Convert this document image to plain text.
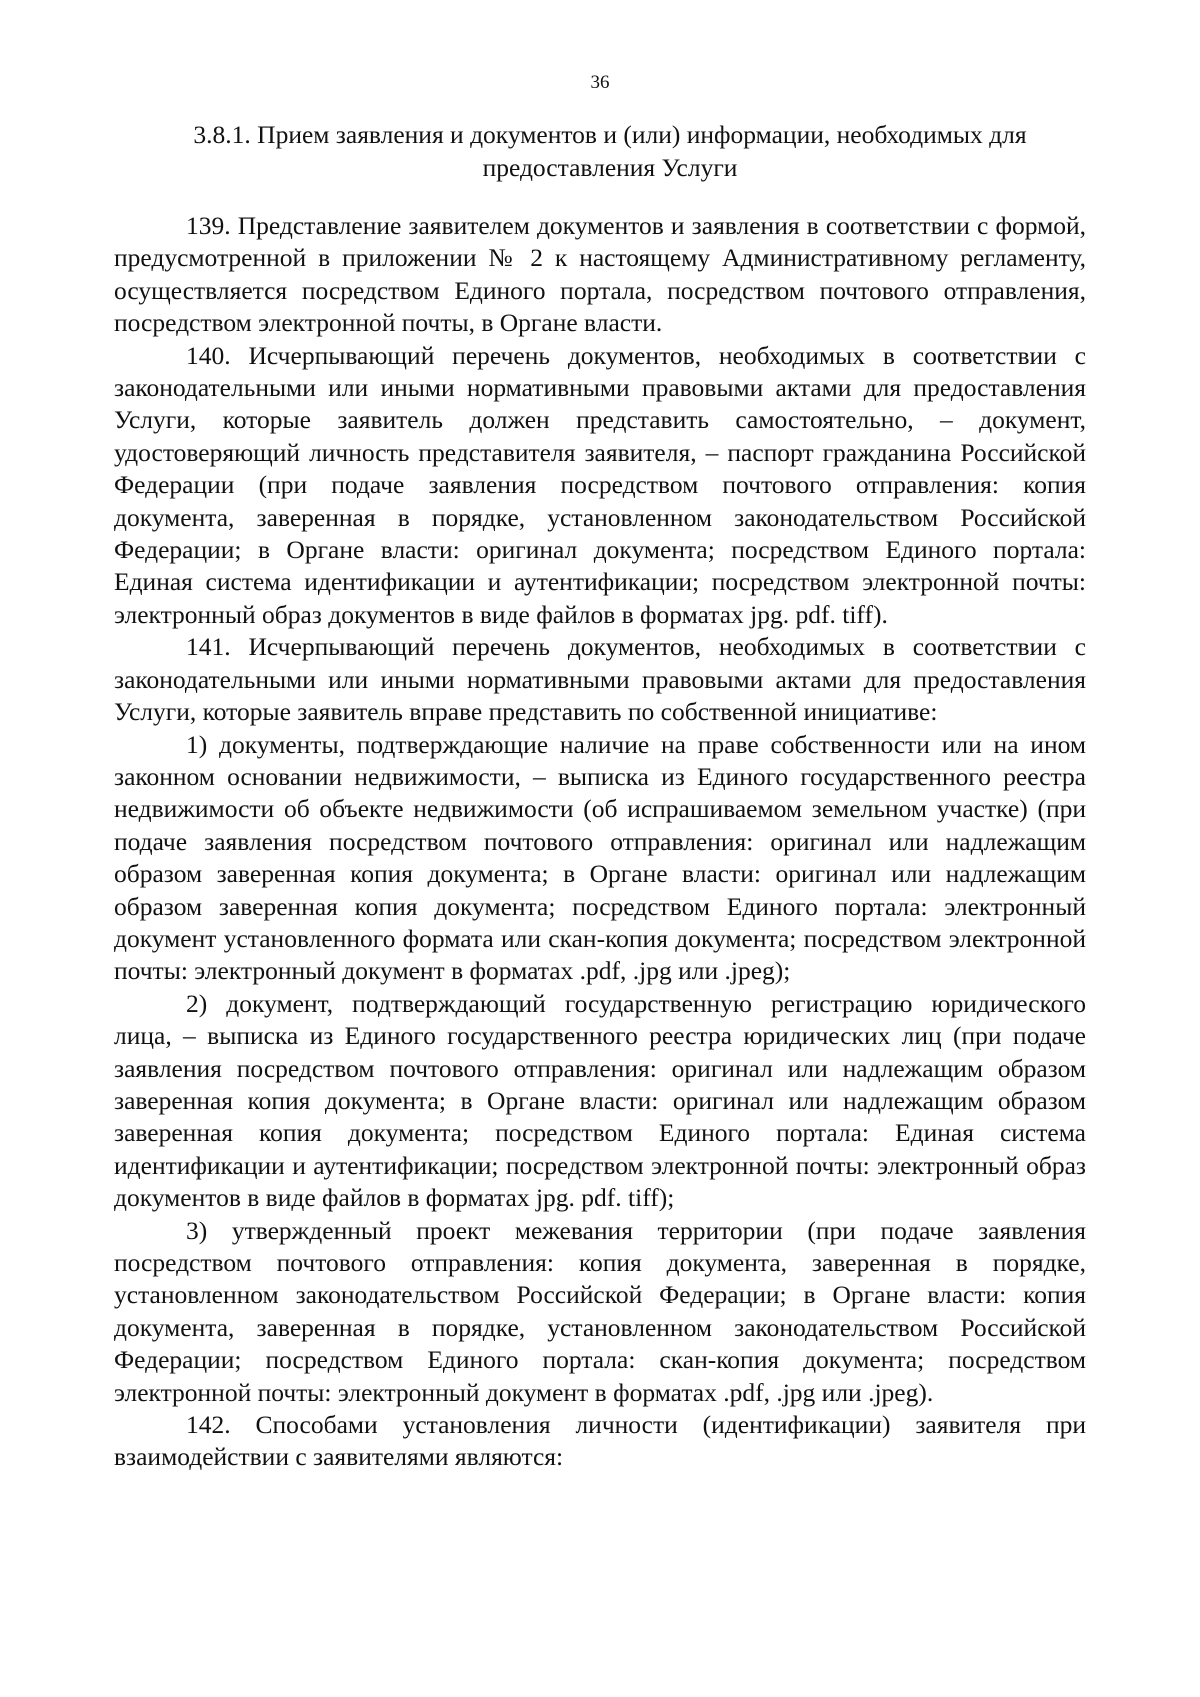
36
3.8.1. Прием заявления и документов и (или) информации, необходимых для предоставления Услуги

139. Представление заявителем документов и заявления в соответствии с формой, предусмотренной в приложении № 2 к настоящему Административному регламенту, осуществляется посредством Единого портала, посредством почтового отправления, посредством электронной почты, в Органе власти.

140. Исчерпывающий перечень документов, необходимых в соответствии с законодательными или иными нормативными правовыми актами для предоставления Услуги, которые заявитель должен представить самостоятельно, – документ, удостоверяющий личность представителя заявителя, – паспорт гражданина Российской Федерации (при подаче заявления посредством почтового отправления: копия документа, заверенная в порядке, установленном законодательством Российской Федерации; в Органе власти: оригинал документа; посредством Единого портала: Единая система идентификации и аутентификации; посредством электронной почты: электронный образ документов в виде файлов в форматах jpg. pdf. tiff).

141. Исчерпывающий перечень документов, необходимых в соответствии с законодательными или иными нормативными правовыми актами для предоставления Услуги, которые заявитель вправе представить по собственной инициативе:

1) документы, подтверждающие наличие на праве собственности или на ином законном основании недвижимости, – выписка из Единого государственного реестра недвижимости об объекте недвижимости (об испрашиваемом земельном участке) (при подаче заявления посредством почтового отправления: оригинал или надлежащим образом заверенная копия документа; в Органе власти: оригинал или надлежащим образом заверенная копия документа; посредством Единого портала: электронный документ установленного формата или скан-копия документа; посредством электронной почты: электронный документ в форматах .pdf, .jpg или .jpeg);

2) документ, подтверждающий государственную регистрацию юридического лица, – выписка из Единого государственного реестра юридических лиц (при подаче заявления посредством почтового отправления: оригинал или надлежащим образом заверенная копия документа; в Органе власти: оригинал или надлежащим образом заверенная копия документа; посредством Единого портала: Единая система идентификации и аутентификации; посредством электронной почты: электронный образ документов в виде файлов в форматах jpg. pdf. tiff);

3) утвержденный проект межевания территории (при подаче заявления посредством почтового отправления: копия документа, заверенная в порядке, установленном законодательством Российской Федерации; в Органе власти: копия документа, заверенная в порядке, установленном законодательством Российской Федерации; посредством Единого портала: скан-копия документа; посредством электронной почты: электронный документ в форматах .pdf, .jpg или .jpeg).

142. Способами установления личности (идентификации) заявителя при взаимодействии с заявителями являются:
